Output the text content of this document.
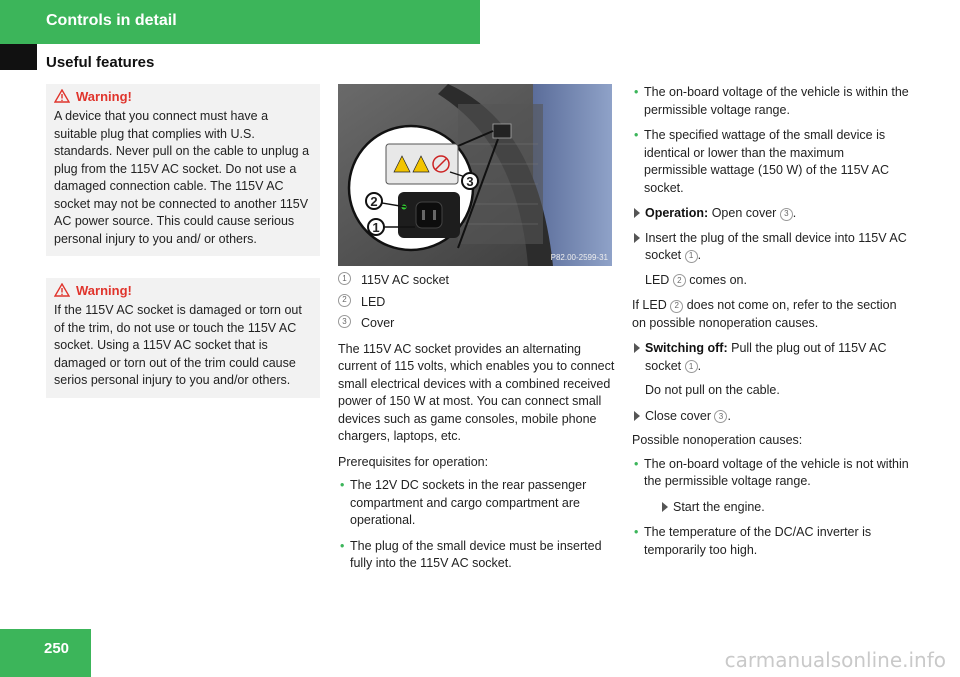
Controls in detail
Useful features
Warning!

A device that you connect must have a suitable plug that complies with U.S. standards. Never pull on the cable to unplug a plug from the 115V AC socket. Do not use a damaged connection cable. The 115V AC socket may not be connected to another 115V AC power source. This could cause serious personal injury to you and/ or others.

Warning!

If the 115V AC socket is damaged or torn out of the trim, do not use or touch the 115V AC socket. Using a 115V AC socket that is damaged or torn out of the trim could cause serios personal injury to you and/or others.

1
2
3
P82.00-2599-31
1	115V AC socket
2	LED
3	Cover

The 115V AC socket provides an alternating current of 115 volts, which enables you to connect small electrical devices with a combined received power of 150 W at most. You can connect small devices such as game consoles, mobile phone chargers, laptops, etc.

Prerequisites for operation:

• The 12V DC sockets in the rear passenger compartment and cargo compartment are operational.
• The plug of the small device must be inserted fully into the 115V AC socket.
• The on-board voltage of the vehicle is within the permissible voltage range.
• The specified wattage of the small device is identical or lower than the maximum permissible wattage (150 W) of the 115V AC socket.
Operation: Open cover 3 .
Insert the plug of the small device into 115V AC socket 1 .

LED 2 comes on.

If LED 2 does not come on, refer to the section on possible nonoperation causes.

Switching off: Pull the plug out of 115V AC socket 1 .

Do not pull on the cable.

Close cover 3 .

Possible nonoperation causes:

• The on-board voltage of the vehicle is not within the permissible voltage range.
Start the engine.
• The temperature of the DC/AC inverter is temporarily too high.
250	carmanualsonline.info
